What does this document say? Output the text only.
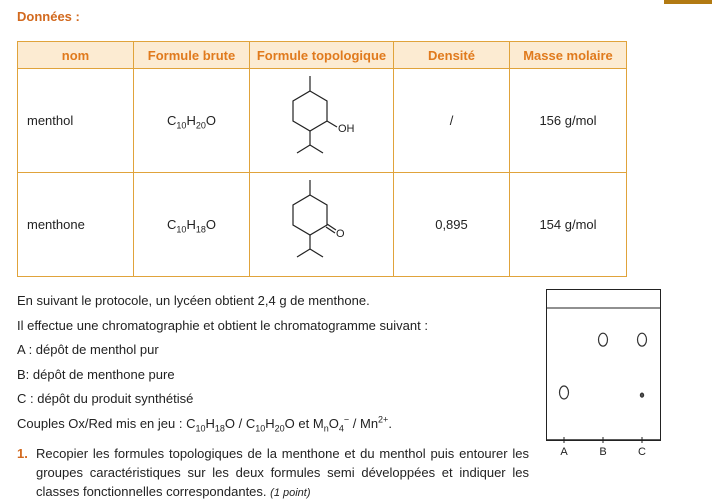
Données :
nom	Formule brute	Formule topologique	Densité	Masse molaire
menthol	$C_{10}H_{20}O$	OH	/	156 g/mol
menthone	$C_{10}H_{18}O$	O	0,895	154 g/mol
En suivant le protocole, un lycéen obtient 2,4 g de menthone.
Il effectue une chromatographie et obtient le chromatogramme suivant :
A : dépôt de menthol pur
B: dépôt de menthone pure
C : dépôt du produit synthétisé
Couples Ox/Red mis en jeu : $C_{10}H_{18}O / C_{10}H_{20}O$ et $M_nO_4^- / Mn^{2+}$.
1. Recopier les formules topologiques de la menthone et du menthol puis entourer les groupes caractéristiques sur les deux formules semi développées et indiquer les classes fonctionnelles correspondantes. (1 point)
A	B	C
